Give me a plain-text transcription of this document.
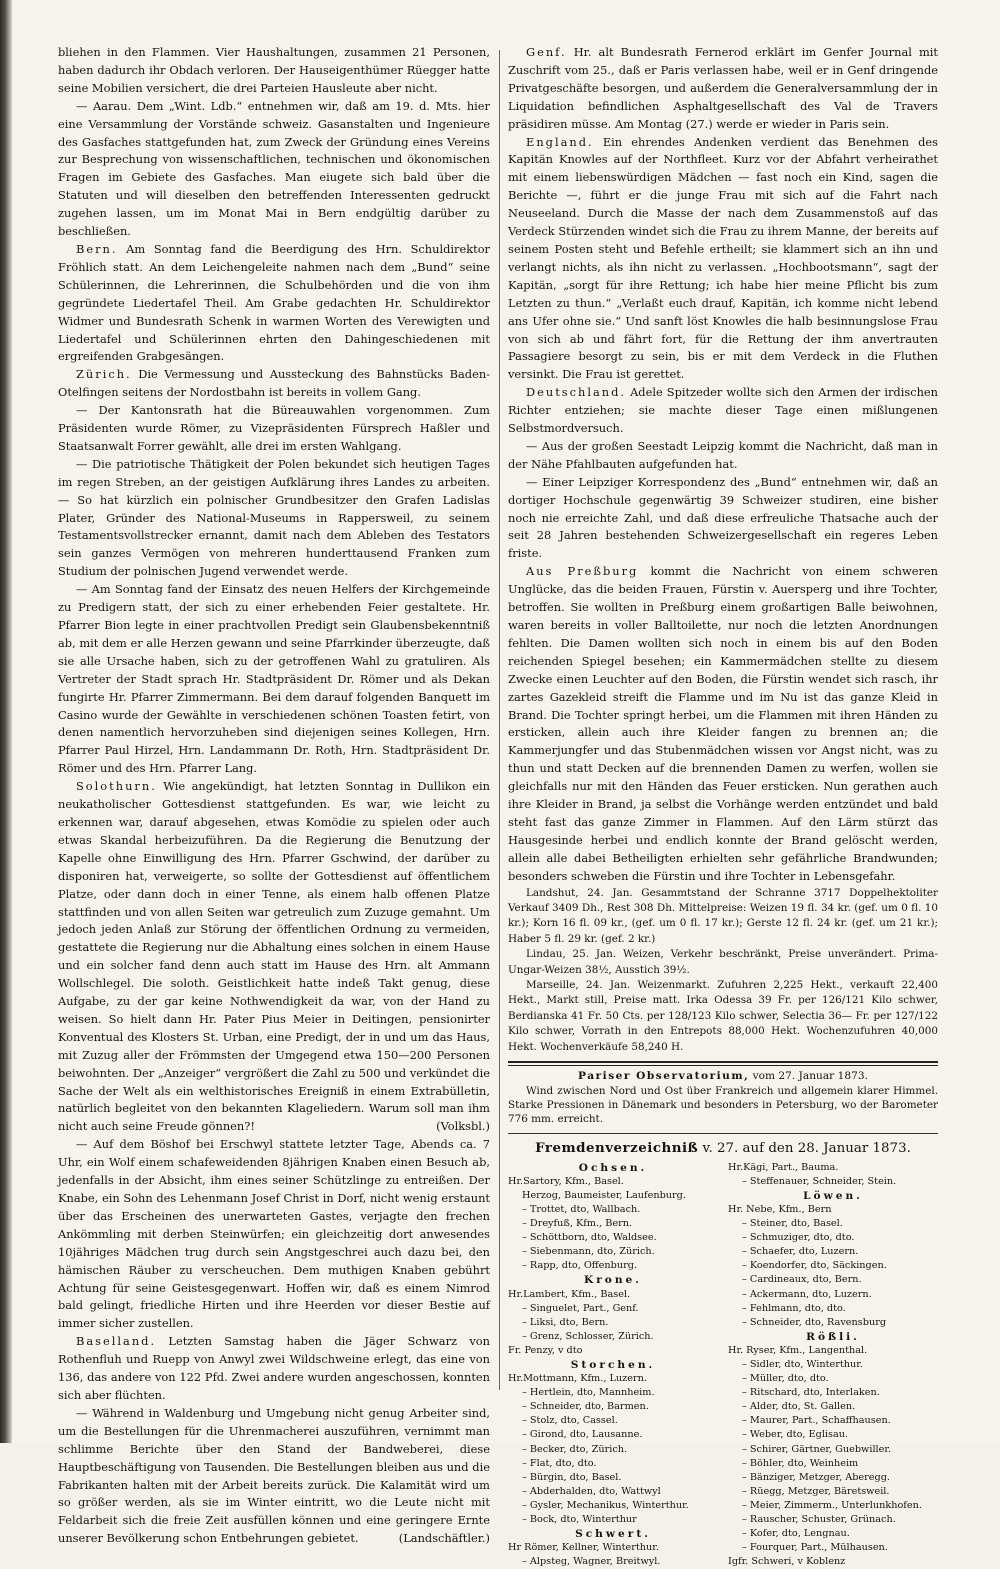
bliehen in den Flammen. Vier Haushaltungen, zusammen 21 Personen, haben dadurch ihr Obdach verloren. Der Hauseigenthümer Rüegger hatte seine Mobilien versichert, die drei Parteien Hausleute aber nicht.

— Aarau. Dem „Wint. Ldb.“ entnehmen wir, daß am 19. d. Mts. hier eine Versammlung der Vorstände schweiz. Gasanstalten und Ingenieure des Gasfaches stattgefunden hat, zum Zweck der Gründung eines Vereins zur Besprechung von wissenschaftlichen, technischen und ökonomischen Fragen im Gebiete des Gasfaches. Man eiugete sich bald über die Statuten und will dieselben den betreffenden Interessenten gedruckt zugehen lassen, um im Monat Mai in Bern endgültig darüber zu beschließen.

Bern. Am Sonntag fand die Beerdigung des Hrn. Schuldirektor Fröhlich statt. An dem Leichengeleite nahmen nach dem „Bund“ seine Schülerinnen, die Lehrerinnen, die Schulbehörden und die von ihm gegründete Liedertafel Theil. Am Grabe gedachten Hr. Schuldirektor Widmer und Bundesrath Schenk in warmen Worten des Verewigten und Liedertafel und Schülerinnen ehrten den Dahingeschiedenen mit ergreifenden Grabgesängen.

Zürich. Die Vermessung und Aussteckung des Bahnstücks Baden-Otelfingen seitens der Nordostbahn ist bereits in vollem Gang.

— Der Kantonsrath hat die Büreauwahlen vorgenommen. Zum Präsidenten wurde Römer, zu Vizepräsidenten Fürsprech Haßler und Staatsanwalt Forrer gewählt, alle drei im ersten Wahlgang.

— Die patriotische Thätigkeit der Polen bekundet sich heutigen Tages im regen Streben, an der geistigen Aufklärung ihres Landes zu arbeiten. — So hat kürzlich ein polnischer Grundbesitzer den Grafen Ladislas Plater, Gründer des National-Museums in Rappersweil, zu seinem Testamentsvollstrecker ernannt, damit nach dem Ableben des Testators sein ganzes Vermögen von mehreren hunderttausend Franken zum Studium der polnischen Jugend verwendet werde.

— Am Sonntag fand der Einsatz des neuen Helfers der Kirchgemeinde zu Predigern statt, der sich zu einer erhebenden Feier gestaltete. Hr. Pfarrer Bion legte in einer prachtvollen Predigt sein Glaubensbekenntniß ab, mit dem er alle Herzen gewann und seine Pfarrkinder überzeugte, daß sie alle Ursache haben, sich zu der getroffenen Wahl zu gratuliren. Als Vertreter der Stadt sprach Hr. Stadtpräsident Dr. Römer und als Dekan fungirte Hr. Pfarrer Zimmermann. Bei dem darauf folgenden Banquett im Casino wurde der Gewählte in verschiedenen schönen Toasten fetirt, von denen namentlich hervorzuheben sind diejenigen seines Kollegen, Hrn. Pfarrer Paul Hirzel, Hrn. Landammann Dr. Roth, Hrn. Stadtpräsident Dr. Römer und des Hrn. Pfarrer Lang.

Solothurn. Wie angekündigt, hat letzten Sonntag in Dullikon ein neukatholischer Gottesdienst stattgefunden. Es war, wie leicht zu erkennen war, darauf abgesehen, etwas Komödie zu spielen oder auch etwas Skandal herbeizuführen. Da die Regierung die Benutzung der Kapelle ohne Einwilligung des Hrn. Pfarrer Gschwind, der darüber zu disponiren hat, verweigerte, so sollte der Gottesdienst auf öffentlichem Platze, oder dann doch in einer Tenne, als einem halb offenen Platze stattfinden und von allen Seiten war getreulich zum Zuzuge gemahnt. Um jedoch jeden Anlaß zur Störung der öffentlichen Ordnung zu vermeiden, gestattete die Regierung nur die Abhaltung eines solchen in einem Hause und ein solcher fand denn auch statt im Hause des Hrn. alt Ammann Wollschlegel. Die soloth. Geistlichkeit hatte indeß Takt genug, diese Aufgabe, zu der gar keine Nothwendigkeit da war, von der Hand zu weisen. So hielt dann Hr. Pater Pius Meier in Deitingen, pensionirter Konventual des Klosters St. Urban, eine Predigt, der in und um das Haus, mit Zuzug aller der Frömmsten der Umgegend etwa 150—200 Personen beiwohnten. Der „Anzeiger“ vergrößert die Zahl zu 500 und verkündet die Sache der Welt als ein welthistorisches Ereigniß in einem Extrabülletin, natürlich begleitet von den bekannten Klageliedern. Warum soll man ihm nicht auch seine Freude gönnen?!	(Volksbl.)

— Auf dem Böshof bei Erschwyl stattete letzter Tage, Abends ca. 7 Uhr, ein Wolf einem schafeweidenden 8jährigen Knaben einen Besuch ab, jedenfalls in der Absicht, ihm eines seiner Schützlinge zu entreißen. Der Knabe, ein Sohn des Lehenmann Josef Christ in Dorf, nicht wenig erstaunt über das Erscheinen des unerwarteten Gastes, verjagte den frechen Ankömmling mit derben Steinwürfen; ein gleichzeitig dort anwesendes 10jähriges Mädchen trug durch sein Angstgeschrei auch dazu bei, den hämischen Räuber zu verscheuchen. Dem muthigen Knaben gebührt Achtung für seine Geistesgegenwart. Hoffen wir, daß es einem Nimrod bald gelingt, friedliche Hirten und ihre Heerden vor dieser Bestie auf immer sicher zustellen.

Baselland. Letzten Samstag haben die Jäger Schwarz von Rothenfluh und Ruepp von Anwyl zwei Wildschweine erlegt, das eine von 136, das andere von 122 Pfd. Zwei andere wurden angeschossen, konnten sich aber flüchten.

— Während in Waldenburg und Umgebung nicht genug Arbeiter sind, um die Bestellungen für die Uhrenmacherei auszuführen, vernimmt man schlimme Berichte über den Stand der Bandweberei, diese Hauptbeschäftigung von Tausenden. Die Bestellungen bleiben aus und die Fabrikanten halten mit der Arbeit bereits zurück. Die Kalamität wird um so größer werden, als sie im Winter eintritt, wo die Leute nicht mit Feldarbeit sich die freie Zeit ausfüllen können und eine geringere Ernte unserer Bevölkerung schon Entbehrungen gebietet.	(Landschäftler.)

Genf. Hr. alt Bundesrath Fernerod erklärt im Genfer Journal mit Zuschrift vom 25., daß er Paris verlassen habe, weil er in Genf dringende Privatgeschäfte besorgen, und außerdem die Generalversammlung der in Liquidation befindlichen Asphaltgesellschaft des Val de Travers präsidiren müsse. Am Montag (27.) werde er wieder in Paris sein.

England. Ein ehrendes Andenken verdient das Benehmen des Kapitän Knowles auf der Northfleet. Kurz vor der Abfahrt verheirathet mit einem liebenswürdigen Mädchen — fast noch ein Kind, sagen die Berichte —, führt er die junge Frau mit sich auf die Fahrt nach Neuseeland. Durch die Masse der nach dem Zusammenstoß auf das Verdeck Stürzenden windet sich die Frau zu ihrem Manne, der bereits auf seinem Posten steht und Befehle ertheilt; sie klammert sich an ihn und verlangt nichts, als ihn nicht zu verlassen. „Hochbootsmann“, sagt der Kapitän, „sorgt für ihre Rettung; ich habe hier meine Pflicht bis zum Letzten zu thun.“ „Verlaßt euch drauf, Kapitän, ich komme nicht lebend ans Ufer ohne sie.“ Und sanft löst Knowles die halb besinnungslose Frau von sich ab und fährt fort, für die Rettung der ihm anvertrauten Passagiere besorgt zu sein, bis er mit dem Verdeck in die Fluthen versinkt. Die Frau ist gerettet.

Deutschland. Adele Spitzeder wollte sich den Armen der irdischen Richter entziehen; sie machte dieser Tage einen mißlungenen Selbstmordversuch.

— Aus der großen Seestadt Leipzig kommt die Nachricht, daß man in der Nähe Pfahlbauten aufgefunden hat.

— Einer Leipziger Korrespondenz des „Bund“ entnehmen wir, daß an dortiger Hochschule gegenwärtig 39 Schweizer studiren, eine bisher noch nie erreichte Zahl, und daß diese erfreuliche Thatsache auch der seit 28 Jahren bestehenden Schweizergesellschaft ein regeres Leben friste.

Aus Preßburg kommt die Nachricht von einem schweren Unglücke, das die beiden Frauen, Fürstin v. Auersperg und ihre Tochter, betroffen. Sie wollten in Preßburg einem großartigen Balle beiwohnen, waren bereits in voller Balltoilette, nur noch die letzten Anordnungen fehlten. Die Damen wollten sich noch in einem bis auf den Boden reichenden Spiegel besehen; ein Kammermädchen stellte zu diesem Zwecke einen Leuchter auf den Boden, die Fürstin wendet sich rasch, ihr zartes Gazekleid streift die Flamme und im Nu ist das ganze Kleid in Brand. Die Tochter springt herbei, um die Flammen mit ihren Händen zu ersticken, allein auch ihre Kleider fangen zu brennen an; die Kammerjungfer und das Stubenmädchen wissen vor Angst nicht, was zu thun und statt Decken auf die brennenden Damen zu werfen, wollen sie gleichfalls nur mit den Händen das Feuer ersticken. Nun gerathen auch ihre Kleider in Brand, ja selbst die Vorhänge werden entzündet und bald steht fast das ganze Zimmer in Flammen. Auf den Lärm stürzt das Hausgesinde herbei und endlich konnte der Brand gelöscht werden, allein alle dabei Betheiligten erhielten sehr gefährliche Brandwunden; besonders schweben die Fürstin und ihre Tochter in Lebensgefahr.

Landshut, 24. Jan. Gesammtstand der Schranne 3717 Doppelhektoliter Verkauf 3409 Dh., Rest 308 Dh. Mittelpreise: Weizen 19 fl. 34 kr. (gef. um 0 fl. 10 kr.); Korn 16 fl. 09 kr., (gef. um 0 fl. 17 kr.); Gerste 12 fl. 24 kr. (gef. um 21 kr.); Haber 5 fl. 29 kr. (gef. 2 kr.)

Lindau, 25. Jan. Weizen, Verkehr beschränkt, Preise unverändert. Prima-Ungar-Weizen 38½, Ausstich 39½.

Marseille, 24. Jan. Weizenmarkt. Zufuhren 2,225 Hekt., verkauft 22,400 Hekt., Markt still, Preise matt. Irka Odessa 39 Fr. per 126/121 Kilo schwer, Berdianska 41 Fr. 50 Cts. per 128/123 Kilo schwer, Selectia 36— Fr. per 127/122 Kilo schwer, Vorrath in den Entrepots 88,000 Hekt. Wochenzufuhren 40,000 Hekt. Wochenverkäufe 58,240 H.

Pariser Observatorium, vom 27. Januar 1873.

Wind zwischen Nord und Ost über Frankreich und allgemein klarer Himmel. Starke Pressionen in Dänemark und besonders in Petersburg, wo der Barometer 776 mm. erreicht.

Fremdenverzeichniß v. 27. auf den 28. Januar 1873.
Ochsen.
Hr.Sartory, Kfm., Basel.
Herzog, Baumeister, Laufenburg.
– Trottet, dto, Wallbach.
– Dreyfuß, Kfm., Bern.
– Schöttborn, dto, Waldsee.
– Siebenmann, dto, Zürich.
– Rapp, dto, Offenburg.
Krone.
Hr.Lambert, Kfm., Basel.
– Singuelet, Part., Genf.
– Liksi, dto, Bern.
– Grenz, Schlosser, Zürich.
Fr. Penzy, v dto
Storchen.
Hr.Mottmann, Kfm., Luzern.
– Hertlein, dto, Mannheim.
– Schneider, dto, Barmen.
– Stolz, dto, Cassel.
– Girond, dto, Lausanne.
– Becker, dto, Zürich.
– Flat, dto, dto.
– Bürgin, dto, Basel.
– Abderhalden, dto, Wattwyl
– Gysler, Mechanikus, Winterthur.
– Bock, dto, Winterthur
Schwert.
Hr Römer, Kellner, Winterthur.
– Alpsteg, Wagner, Breitwyl.
Hr.Kägi, Part., Bauma.
– Steffenauer, Schneider, Stein.
Löwen.
Hr. Nebe, Kfm., Bern
– Steiner, dto, Basel.
– Schmuziger, dto, dto.
– Schaefer, dto, Luzern.
– Koendorfer, dto, Säckingen.
– Cardineaux, dto, Bern.
– Ackermann, dto, Luzern.
– Fehlmann, dto, dto.
– Schneider, dto, Ravensburg
Rößli.
Hr. Ryser, Kfm., Langenthal.
– Sidler, dto, Winterthur.
– Müller, dto, dto.
– Ritschard, dto, Interlaken.
– Alder, dto, St. Gallen.
– Maurer, Part., Schaffhausen.
– Weber, dto, Eglisau.
– Schirer, Gärtner, Guebwiller.
– Böhler, dto, Weinheim
– Bänziger, Metzger, Aberegg.
– Rüegg, Metzger, Bäretsweil.
– Meier, Zimmerm., Unterlunkhofen.
– Rauscher, Schuster, Grünach.
– Kofer, dto, Lengnau.
– Fourquer, Part., Mülhausen.
Igfr. Schweri, v Koblenz
